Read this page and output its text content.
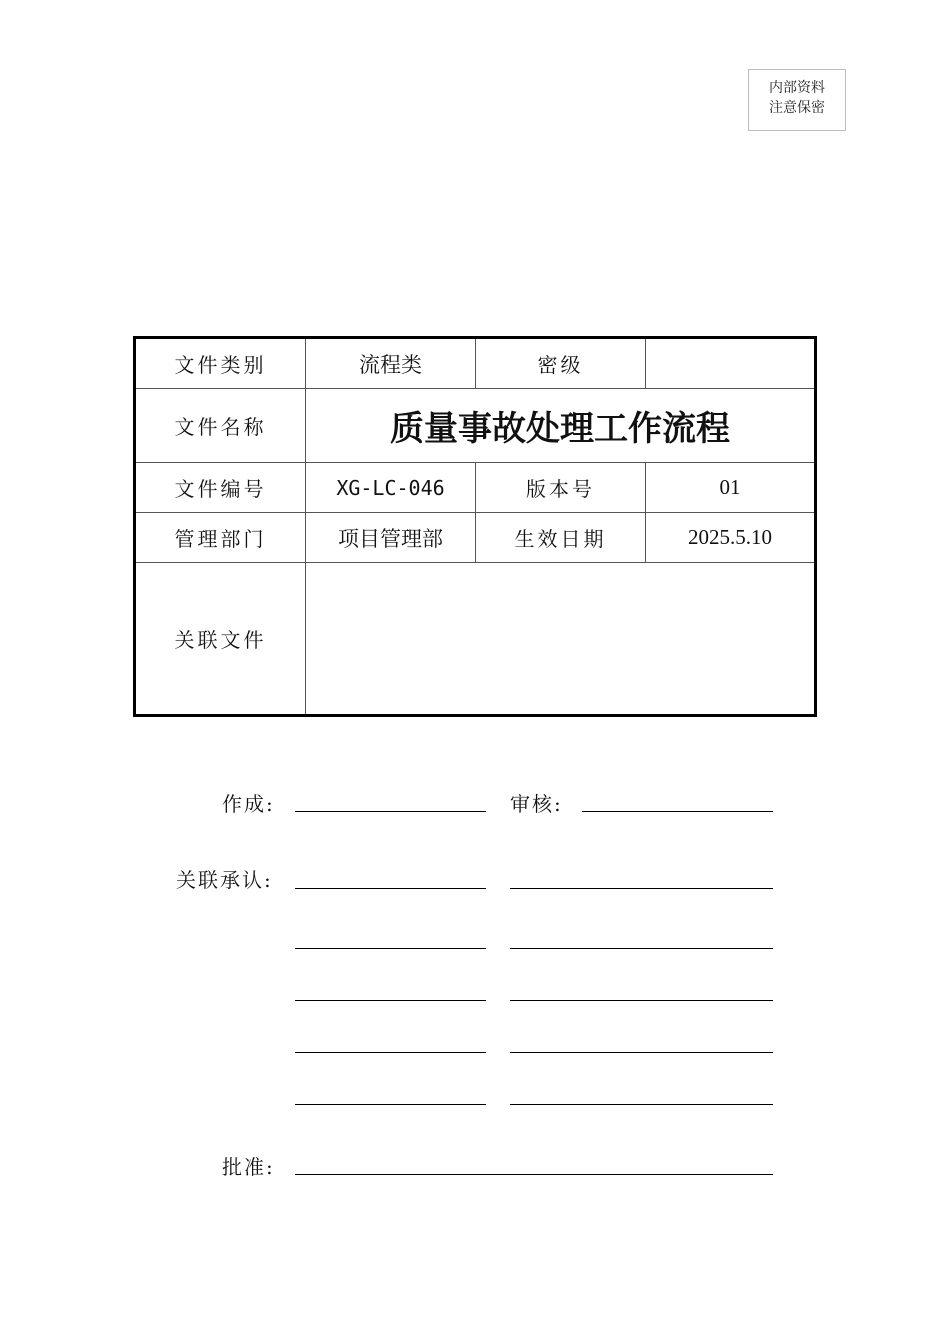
内部资料
注意保密
文件类别	流程类	密级	
文件名称	质量事故处理工作流程		
文件编号	XG-LC-046	版本号	01
管理部门	项目管理部	生效日期	2025.5.10
关联文件			
作成:	审核:
关联承认:
批准:
